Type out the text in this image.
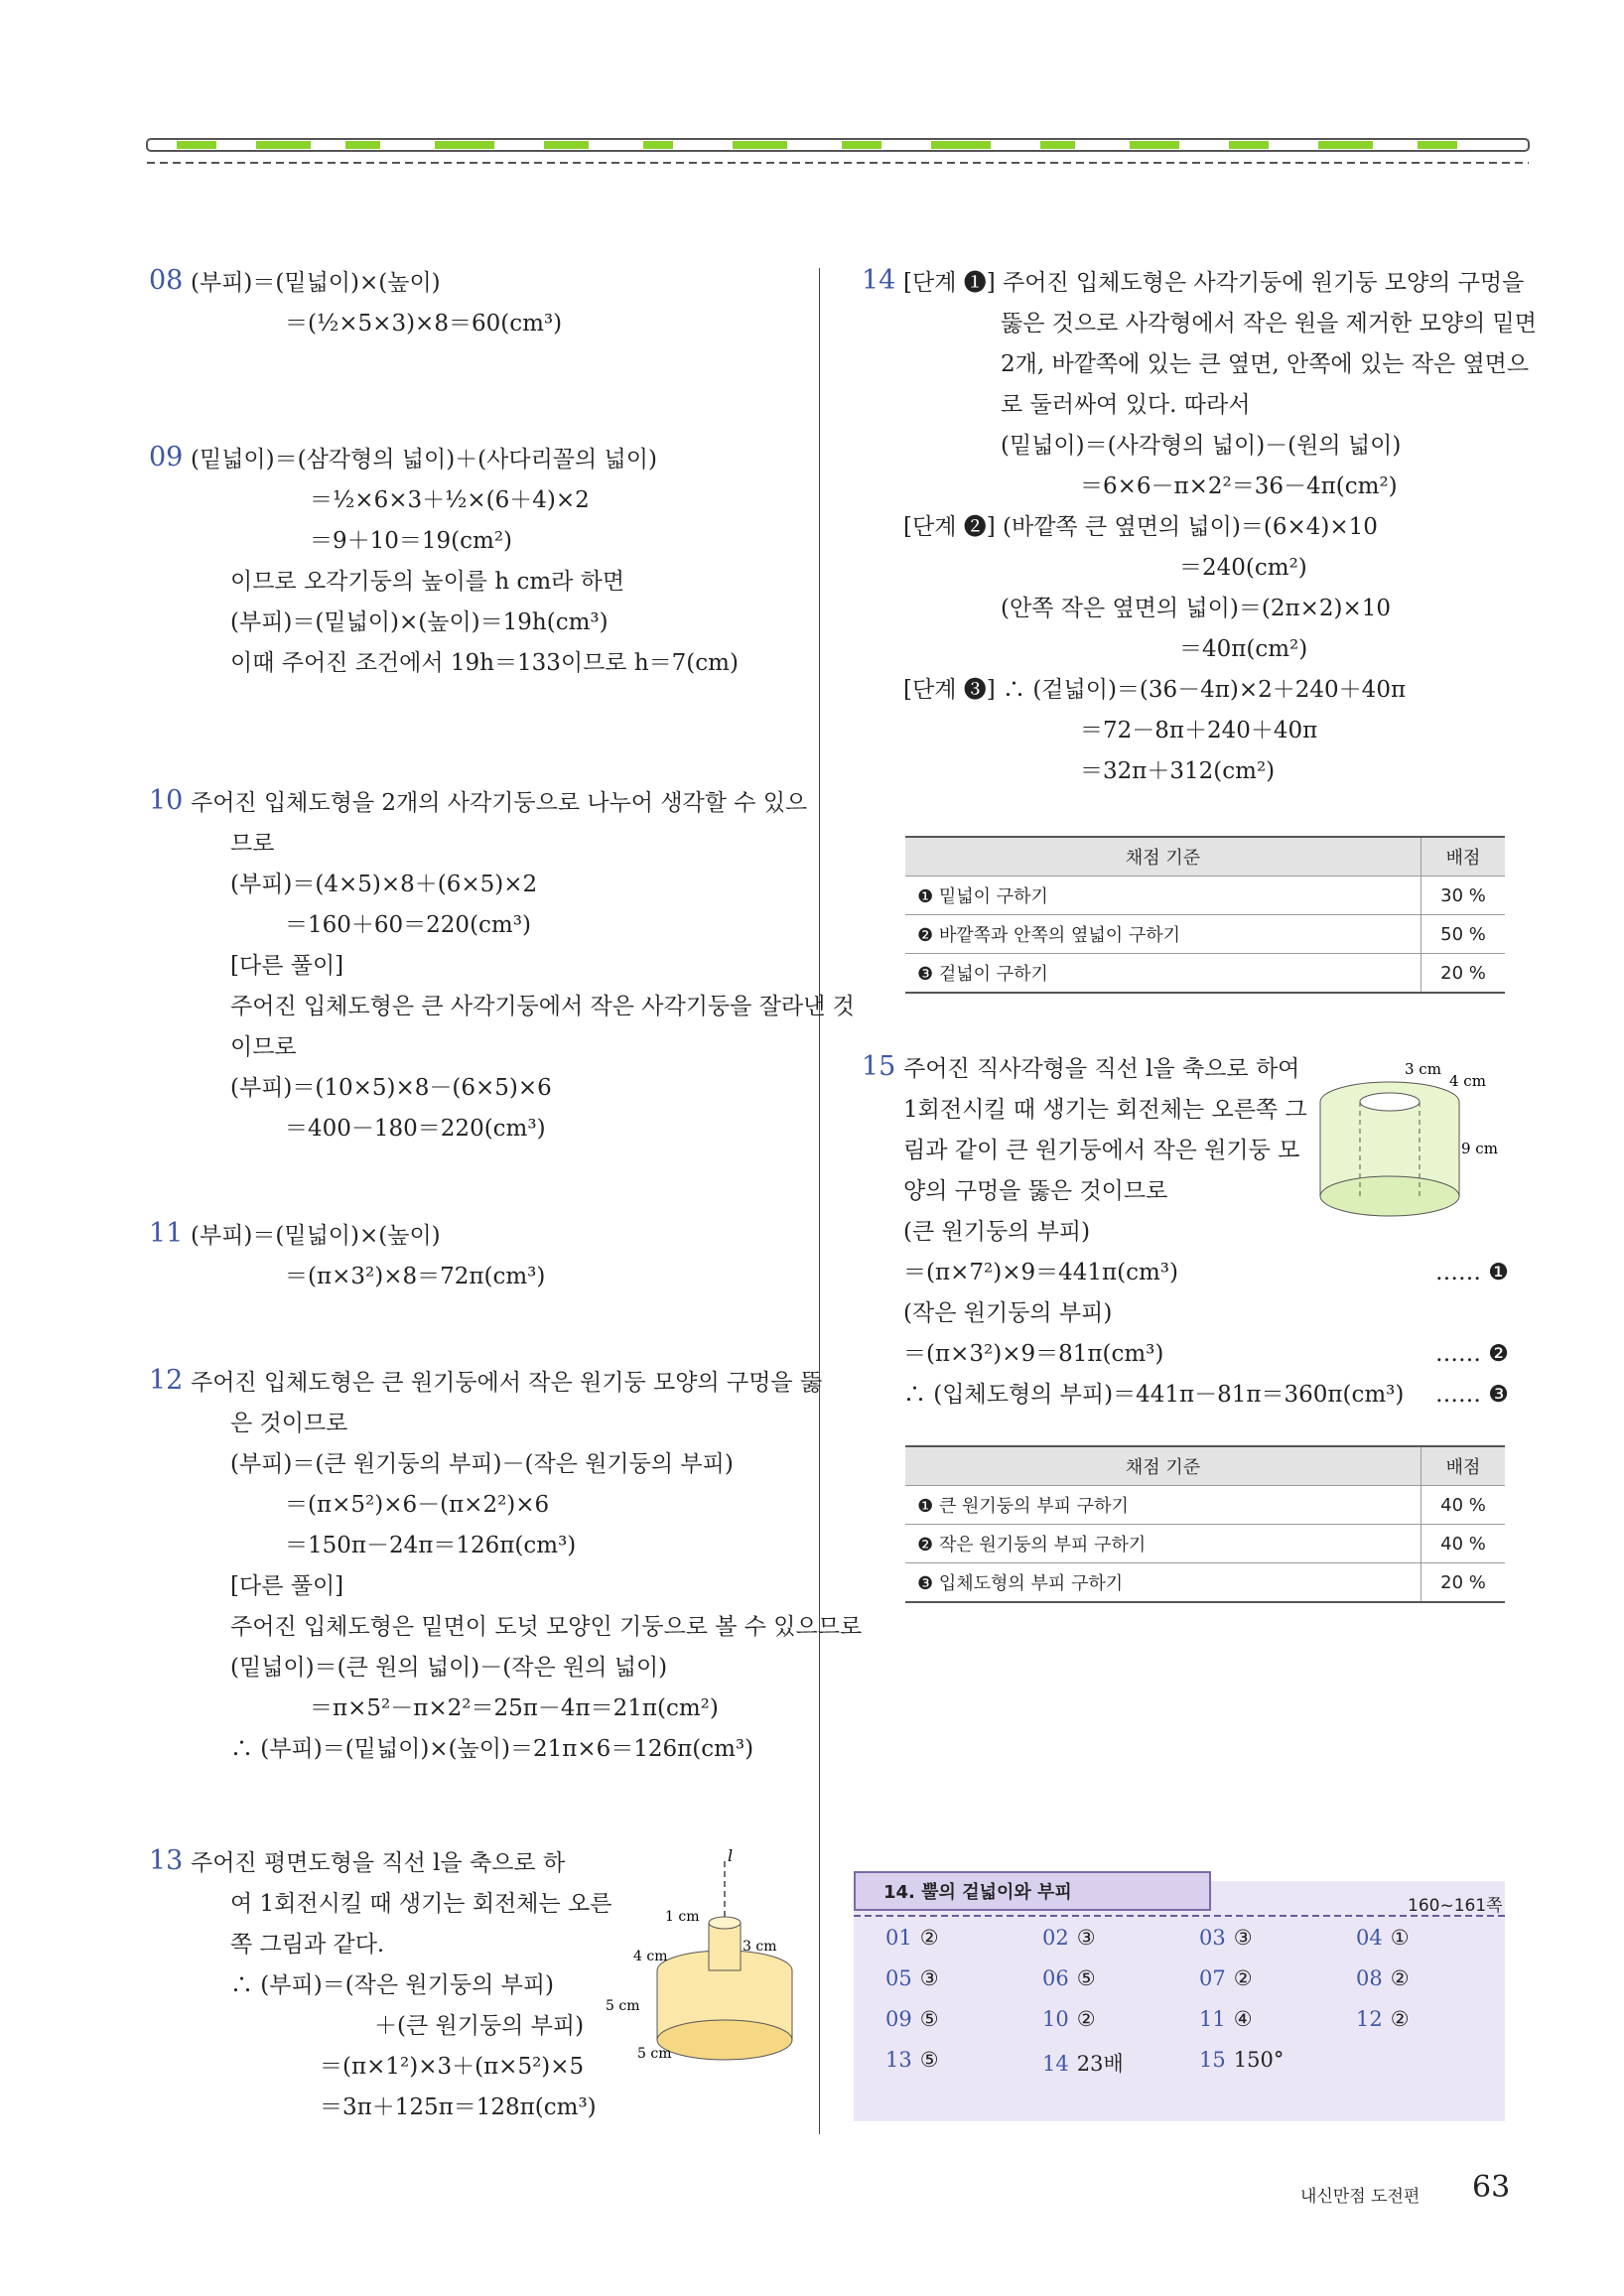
08 (부피)＝(밑넓이)×(높이)
＝(½×5×3)×8＝60(cm³)
09 (밑넓이)＝(삼각형의 넓이)＋(사다리꼴의 넓이)
＝½×6×3＋½×(6＋4)×2
＝9＋10＝19(cm²)
이므로 오각기둥의 높이를 h cm라 하면
(부피)＝(밑넓이)×(높이)＝19h(cm³)
이때 주어진 조건에서 19h＝133이므로 h＝7(cm)
10 주어진 입체도형을 2개의 사각기둥으로 나누어 생각할 수 있으
므로
(부피)＝(4×5)×8＋(6×5)×2
＝160＋60＝220(cm³)
[다른 풀이]
주어진 입체도형은 큰 사각기둥에서 작은 사각기둥을 잘라낸 것
이므로
(부피)＝(10×5)×8－(6×5)×6
＝400－180＝220(cm³)
11 (부피)＝(밑넓이)×(높이)
＝(π×3²)×8＝72π(cm³)
12 주어진 입체도형은 큰 원기둥에서 작은 원기둥 모양의 구멍을 뚫
은 것이므로
(부피)＝(큰 원기둥의 부피)－(작은 원기둥의 부피)
＝(π×5²)×6－(π×2²)×6
＝150π－24π＝126π(cm³)
[다른 풀이]
주어진 입체도형은 밑면이 도넛 모양인 기둥으로 볼 수 있으므로
(밑넓이)＝(큰 원의 넓이)－(작은 원의 넓이)
＝π×5²－π×2²＝25π－4π＝21π(cm²)
∴ (부피)＝(밑넓이)×(높이)＝21π×6＝126π(cm³)
13 주어진 평면도형을 직선 l을 축으로 하
여 1회전시킬 때 생기는 회전체는 오른
쪽 그림과 같다.
∴ (부피)＝(작은 원기둥의 부피)
＋(큰 원기둥의 부피)
＝(π×1²)×3＋(π×5²)×5
＝3π＋125π＝128π(cm³)
l
1 cm
3 cm
4 cm
5 cm
5 cm
14 [단계 ❶] 주어진 입체도형은 사각기둥에 원기둥 모양의 구멍을
뚫은 것으로 사각형에서 작은 원을 제거한 모양의 밑면
2개, 바깥쪽에 있는 큰 옆면, 안쪽에 있는 작은 옆면으
로 둘러싸여 있다. 따라서
(밑넓이)＝(사각형의 넓이)－(원의 넓이)
＝6×6－π×2²＝36－4π(cm²)
[단계 ❷] (바깥쪽 큰 옆면의 넓이)＝(6×4)×10
＝240(cm²)
(안쪽 작은 옆면의 넓이)＝(2π×2)×10
＝40π(cm²)
[단계 ❸] ∴ (겉넓이)＝(36－4π)×2＋240＋40π
＝72－8π＋240＋40π
＝32π＋312(cm²)
15 주어진 직사각형을 직선 l을 축으로 하여
1회전시킬 때 생기는 회전체는 오른쪽 그
림과 같이 큰 원기둥에서 작은 원기둥 모
양의 구멍을 뚫은 것이므로
(큰 원기둥의 부피)
＝(π×7²)×9＝441π(cm³)
(작은 원기둥의 부피)
＝(π×3²)×9＝81π(cm³)
∴ (입체도형의 부피)＝441π－81π＝360π(cm³)
…… ❶
…… ❷
…… ❸
채점 기준	배점
❶ 밑넓이 구하기	30 %
❷ 바깥쪽과 안쪽의 옆넓이 구하기	50 %
❸ 겉넓이 구하기	20 %
3 cm
4 cm
9 cm
채점 기준	배점
❶ 큰 원기둥의 부피 구하기	40 %
❷ 작은 원기둥의 부피 구하기	40 %
❸ 입체도형의 부피 구하기	20 %
14. 뿔의 겉넓이와 부피
160~161쪽
01 ②	02 ③	03 ③	04 ①
05 ③	06 ⑤	07 ②	08 ②
09 ⑤	10 ②	11 ④	12 ②
13 ⑤	14 23배	15 150°
내신만점 도전편 63
